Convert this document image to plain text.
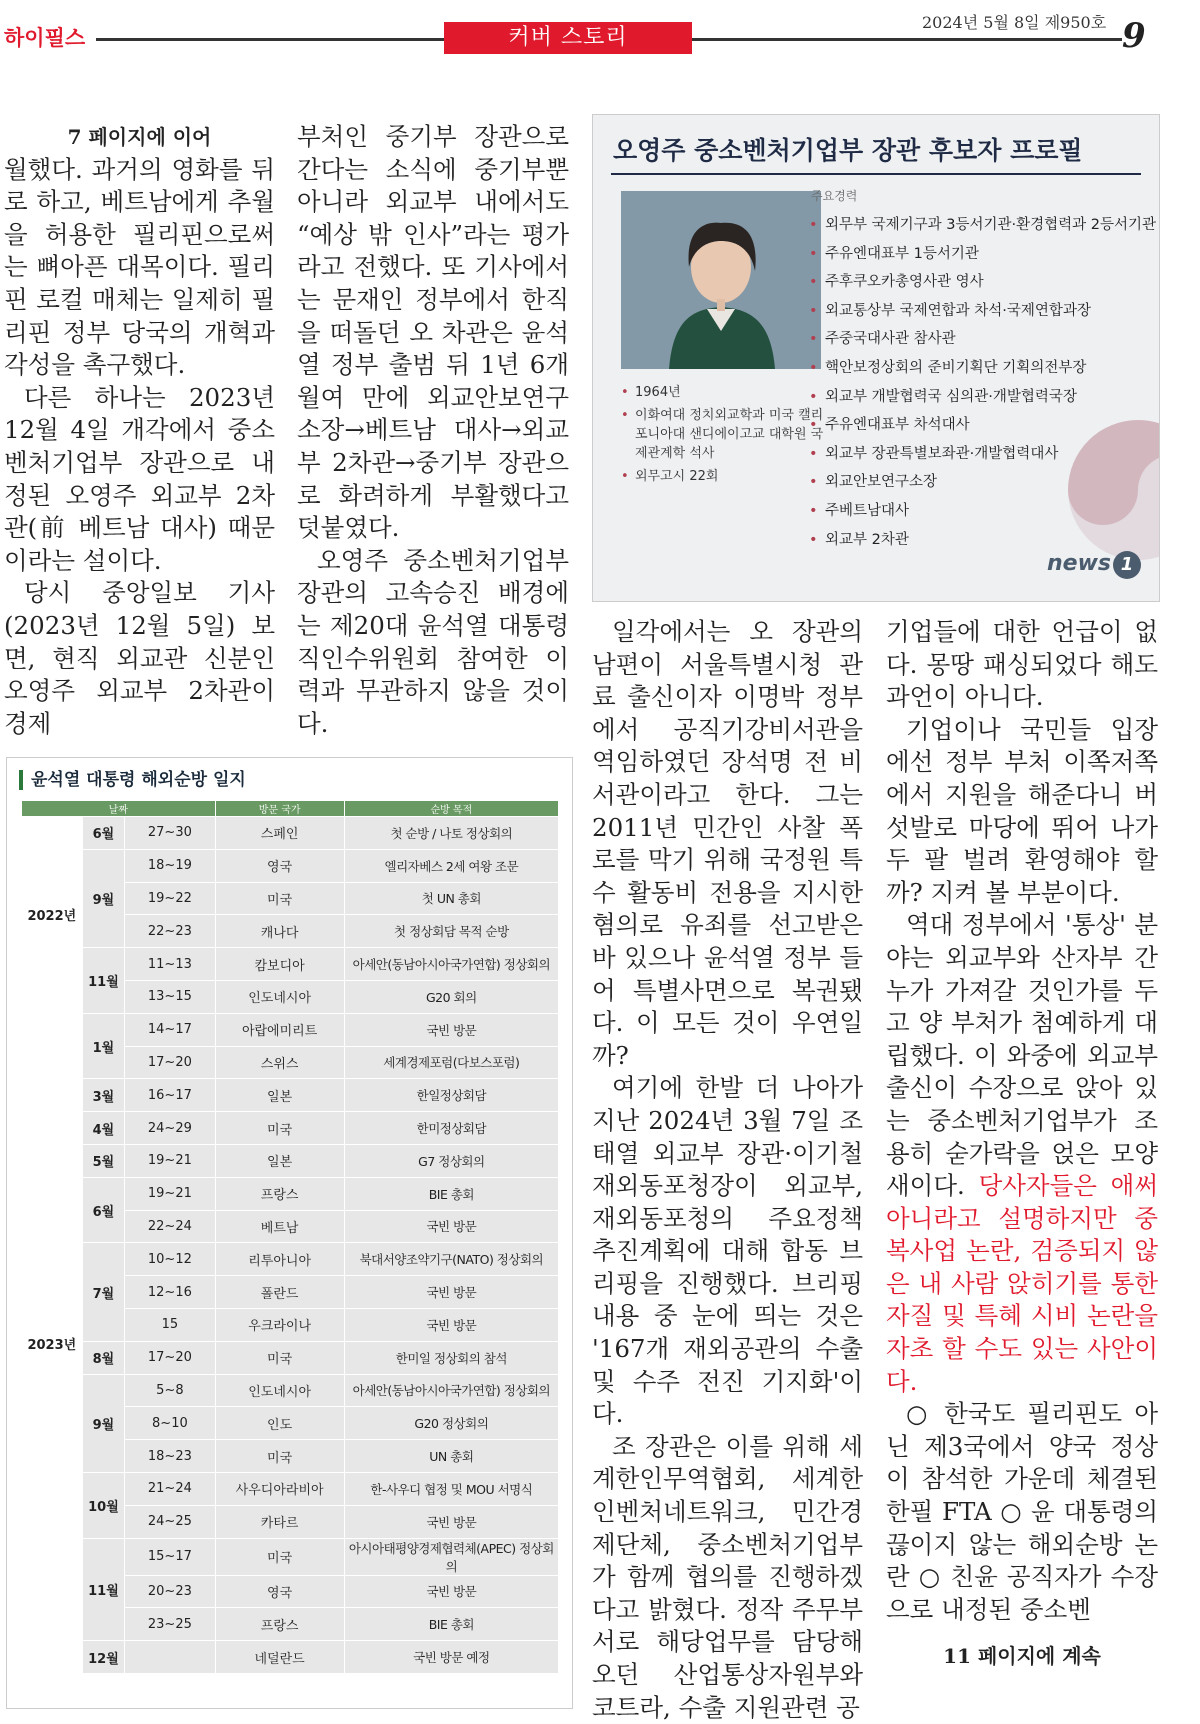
하이필스	커버 스토리
2024년 5월 8일 제950호 9
7 페이지에 이어

월했다. 과거의 영화를 뒤로 하고, 베트남에게 추월을 허용한 필리핀으로써는 뼈아픈 대목이다. 필리핀 로컬 매체는 일제히 필리핀 정부 당국의 개혁과 각성을 촉구했다.

다른 하나는 2023년 12월 4일 개각에서 중소벤처기업부 장관으로 내정된 오영주 외교부 2차관(前 베트남 대사) 때문이라는 설이다.

당시 중앙일보 기사(2023년 12월 5일) 보면, 현직 외교관 신분인 오영주 외교부 2차관이 경제

부처인 중기부 장관으로 간다는 소식에 중기부뿐아니라 외교부 내에서도 “예상 밖 인사”라는 평가라고 전했다. 또 기사에서는 문재인 정부에서 한직을 떠돌던 오 차관은 윤석열 정부 출범 뒤 1년 6개월여 만에 외교안보연구소장→베트남 대사→외교부 2차관→중기부 장관으로 화려하게 부활했다고 덧붙였다.

오영주 중소벤처기업부 장관의 고속승진 배경에는 제20대 윤석열 대통령 직인수위원회 참여한 이력과 무관하지 않을 것이다.

오영주 중소벤처기업부 장관 후보자 프로필
• 1964년
• 이화여대 정치외교학과 미국 캘리포니아대 샌디에이고교 대학원 국제관계학 석사
• 외무고시 22회
주요경력
• 외무부 국제기구과 3등서기관·환경협력과 2등서기관
• 주유엔대표부 1등서기관
• 주후쿠오카총영사관 영사
• 외교통상부 국제연합과 차석·국제연합과장
• 주중국대사관 참사관
• 핵안보정상회의 준비기획단 기획의전부장
• 외교부 개발협력국 심의관·개발협력국장
• 주유엔대표부 차석대사
• 외교부 장관특별보좌관·개발협력대사
• 외교안보연구소장
• 주베트남대사
• 외교부 2차관
news 1
윤석열 대통령 해외순방 일지
날짜			방문 국가	순방 목적
2022년	6월	27~30	스페인	첫 순방 / 나토 정상회의
	9월	18~19	영국	엘리자베스 2세 여왕 조문
		19~22	미국	첫 UN 총회
		22~23	캐나다	첫 정상회담 목적 순방
	11월	11~13	캄보디아	아세안(동남아시아국가연합) 정상회의
		13~15	인도네시아	G20 회의
2023년	1월	14~17	아랍에미리트	국빈 방문
		17~20	스위스	세계경제포럼(다보스포럼)
	3월	16~17	일본	한일정상회담
	4월	24~29	미국	한미정상회담
	5월	19~21	일본	G7 정상회의
	6월	19~21	프랑스	BIE 총회
		22~24	베트남	국빈 방문
	7월	10~12	리투아니아	북대서양조약기구(NATO) 정상회의
		12~16	폴란드	국빈 방문
		15	우크라이나	국빈 방문
	8월	17~20	미국	한미일 정상회의 참석
	9월	5~8	인도네시아	아세안(동남아시아국가연합) 정상회의
		8~10	인도	G20 정상회의
		18~23	미국	UN 총회
	10월	21~24	사우디아라비아	한-사우디 협정 및 MOU 서명식
		24~25	카타르	국빈 방문
	11월	15~17	미국	아시아태평양경제협력체(APEC) 정상회의
		20~23	영국	국빈 방문
		23~25	프랑스	BIE 총회
	12월		네덜란드	국빈 방문 예정

일각에서는 오 장관의 남편이 서울특별시청 관료 출신이자 이명박 정부에서 공직기강비서관을 역임하였던 장석명 전 비서관이라고 한다. 그는 2011년 민간인 사찰 폭로를 막기 위해 국정원 특수 활동비 전용을 지시한 혐의로 유죄를 선고받은 바 있으나 윤석열 정부 들어 특별사면으로 복권됐다. 이 모든 것이 우연일까?

여기에 한발 더 나아가 지난 2024년 3월 7일 조태열 외교부 장관·이기철 재외동포청장이 외교부, 재외동포청의 주요정책 추진계획에 대해 합동 브리핑을 진행했다. 브리핑 내용 중 눈에 띄는 것은 '167개 재외공관의 수출 및 수주 전진 기지화'이다.

조 장관은 이를 위해 세계한인무역협회, 세계한인벤처네트워크, 민간경제단체, 중소벤처기업부가 함께 협의를 진행하겠다고 밝혔다. 정작 주무부서로 해당업무를 담당해 오던 산업통상자원부와 코트라, 수출 지원관련 공

기업들에 대한 언급이 없다. 몽땅 패싱되었다 해도 과언이 아니다.

기업이나 국민들 입장에선 정부 부처 이쪽저쪽에서 지원을 해준다니 버섯발로 마당에 뛰어 나가 두 팔 벌려 환영해야 할까? 지켜 볼 부분이다.

역대 정부에서 '통상' 분야는 외교부와 산자부 간 누가 가져갈 것인가를 두고 양 부처가 첨예하게 대립했다. 이 와중에 외교부 출신이 수장으로 앉아 있는 중소벤처기업부가 조용히 숟가락을 얹은 모양새이다. 당사자들은 애써 아니라고 설명하지만 중복사업 논란, 검증되지 않은 내 사람 앉히기를 통한 자질 및 특혜 시비 논란을 자초 할 수도 있는 사안이다.

○ 한국도 필리핀도 아닌 제3국에서 양국 정상이 참석한 가운데 체결된 한필 FTA ○ 윤 대통령의 끊이지 않는 해외순방 논란 ○ 친윤 공직자가 수장으로 내정된 중소벤

11 페이지에 계속
